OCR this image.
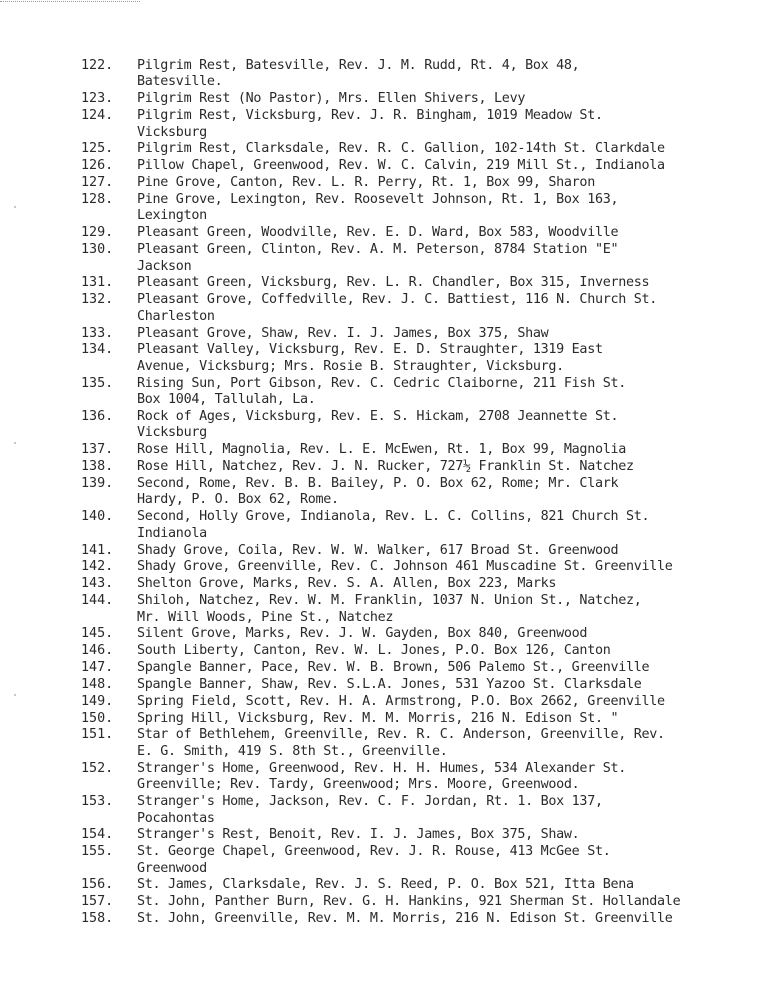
122.	Pilgrim Rest, Batesville, Rev. J. M. Rudd, Rt. 4, Box 48,
Batesville.
123.	Pilgrim Rest (No Pastor), Mrs. Ellen Shivers, Levy
124.	Pilgrim Rest, Vicksburg, Rev. J. R. Bingham, 1019 Meadow St.
Vicksburg
125.	Pilgrim Rest, Clarksdale, Rev. R. C. Gallion, 102-14th St. Clarkdale
126.	Pillow Chapel, Greenwood, Rev. W. C. Calvin, 219 Mill St., Indianola
127.	Pine Grove, Canton, Rev. L. R. Perry, Rt. 1, Box 99, Sharon
128.	Pine Grove, Lexington, Rev. Roosevelt Johnson, Rt. 1, Box 163,
Lexington
129.	Pleasant Green, Woodville, Rev. E. D. Ward, Box 583, Woodville
130.	Pleasant Green, Clinton, Rev. A. M. Peterson, 8784 Station "E"
Jackson
131.	Pleasant Green, Vicksburg, Rev. L. R. Chandler, Box 315, Inverness
132.	Pleasant Grove, Coffedville, Rev. J. C. Battiest, 116 N. Church St.
Charleston
133.	Pleasant Grove, Shaw, Rev. I. J. James, Box 375, Shaw
134.	Pleasant Valley, Vicksburg, Rev. E. D. Straughter, 1319 East
Avenue, Vicksburg; Mrs. Rosie B. Straughter, Vicksburg.
135.	Rising Sun, Port Gibson, Rev. C. Cedric Claiborne, 211 Fish St.
Box 1004, Tallulah, La.
136.	Rock of Ages, Vicksburg, Rev. E. S. Hickam, 2708 Jeannette St.
Vicksburg
137.	Rose Hill, Magnolia, Rev. L. E. McEwen, Rt. 1, Box 99, Magnolia
138.	Rose Hill, Natchez, Rev. J. N. Rucker, 727½ Franklin St. Natchez
139.	Second, Rome, Rev. B. B. Bailey, P. O. Box 62, Rome; Mr. Clark
Hardy, P. O. Box 62, Rome.
140.	Second, Holly Grove, Indianola, Rev. L. C. Collins, 821 Church St.
Indianola
141.	Shady Grove, Coila, Rev. W. W. Walker, 617 Broad St. Greenwood
142.	Shady Grove, Greenville, Rev. C. Johnson 461 Muscadine St. Greenville
143.	Shelton Grove, Marks, Rev. S. A. Allen, Box 223, Marks
144.	Shiloh, Natchez, Rev. W. M. Franklin, 1037 N. Union St., Natchez,
Mr. Will Woods, Pine St., Natchez
145.	Silent Grove, Marks, Rev. J. W. Gayden, Box 840, Greenwood
146.	South Liberty, Canton, Rev. W. L. Jones, P.O. Box 126, Canton
147.	Spangle Banner, Pace, Rev. W. B. Brown, 506 Palemo St., Greenville
148.	Spangle Banner, Shaw, Rev. S.L.A. Jones, 531 Yazoo St. Clarksdale
149.	Spring Field, Scott, Rev. H. A. Armstrong, P.O. Box 2662, Greenville
150.	Spring Hill, Vicksburg, Rev. M. M. Morris, 216 N. Edison St. "
151.	Star of Bethlehem, Greenville, Rev. R. C. Anderson, Greenville, Rev.
E. G. Smith, 419 S. 8th St., Greenville.
152.	Stranger's Home, Greenwood, Rev. H. H. Humes, 534 Alexander St.
Greenville; Rev. Tardy, Greenwood; Mrs. Moore, Greenwood.
153.	Stranger's Home, Jackson, Rev. C. F. Jordan, Rt. 1. Box 137,
Pocahontas
154.	Stranger's Rest, Benoit, Rev. I. J. James, Box 375, Shaw.
155.	St. George Chapel, Greenwood, Rev. J. R. Rouse, 413 McGee St.
Greenwood
156.	St. James, Clarksdale, Rev. J. S. Reed, P. O. Box 521, Itta Bena
157.	St. John, Panther Burn, Rev. G. H. Hankins, 921 Sherman St. Hollandale
158.	St. John, Greenville, Rev. M. M. Morris, 216 N. Edison St. Greenville
